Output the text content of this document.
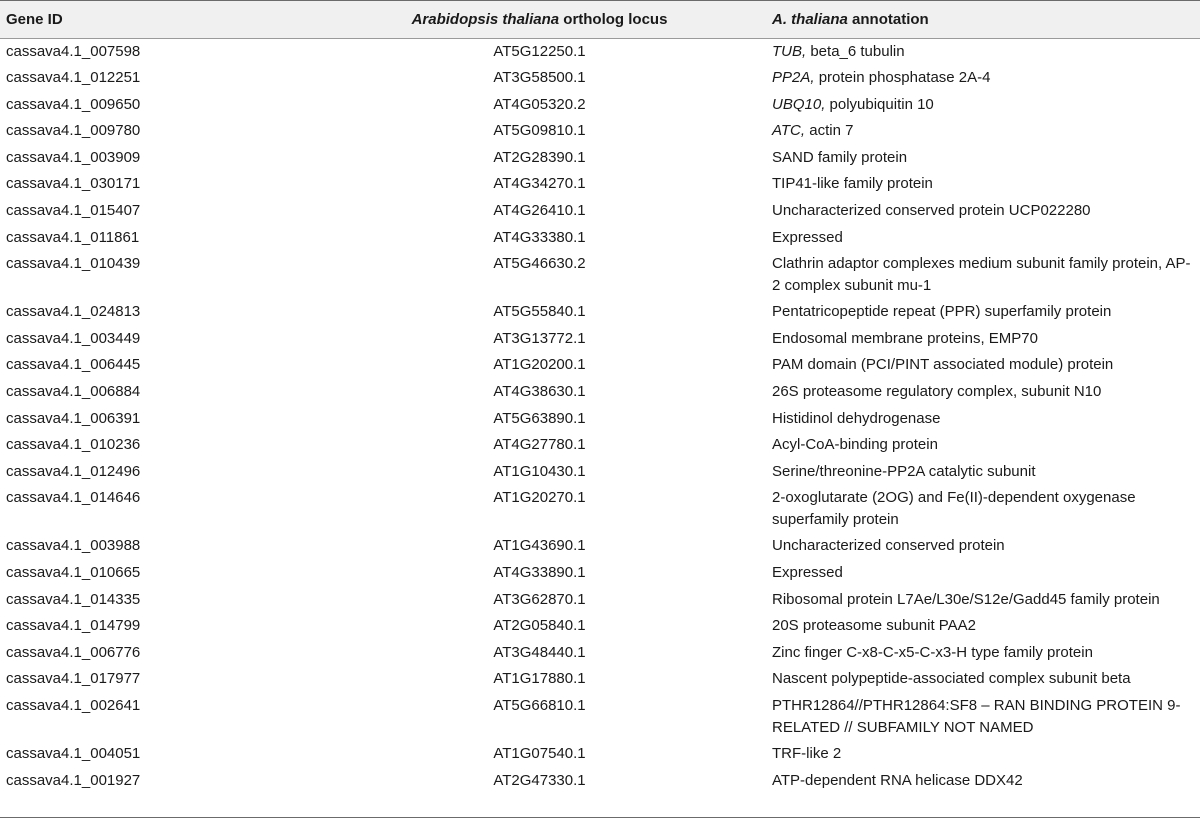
Gene ID	Arabidopsis thaliana ortholog locus	A. thaliana annotation
cassava4.1_007598	AT5G12250.1	TUB, beta_6 tubulin
cassava4.1_012251	AT3G58500.1	PP2A, protein phosphatase 2A-4
cassava4.1_009650	AT4G05320.2	UBQ10, polyubiquitin 10
cassava4.1_009780	AT5G09810.1	ATC, actin 7
cassava4.1_003909	AT2G28390.1	SAND family protein
cassava4.1_030171	AT4G34270.1	TIP41-like family protein
cassava4.1_015407	AT4G26410.1	Uncharacterized conserved protein UCP022280
cassava4.1_011861	AT4G33380.1	Expressed
cassava4.1_010439	AT5G46630.2	Clathrin adaptor complexes medium subunit family protein, AP-2 complex subunit mu-1
cassava4.1_024813	AT5G55840.1	Pentatricopeptide repeat (PPR) superfamily protein
cassava4.1_003449	AT3G13772.1	Endosomal membrane proteins, EMP70
cassava4.1_006445	AT1G20200.1	PAM domain (PCI/PINT associated module) protein
cassava4.1_006884	AT4G38630.1	26S proteasome regulatory complex, subunit N10
cassava4.1_006391	AT5G63890.1	Histidinol dehydrogenase
cassava4.1_010236	AT4G27780.1	Acyl-CoA-binding protein
cassava4.1_012496	AT1G10430.1	Serine/threonine-PP2A catalytic subunit
cassava4.1_014646	AT1G20270.1	2-oxoglutarate (2OG) and Fe(II)-dependent oxygenase superfamily protein
cassava4.1_003988	AT1G43690.1	Uncharacterized conserved protein
cassava4.1_010665	AT4G33890.1	Expressed
cassava4.1_014335	AT3G62870.1	Ribosomal protein L7Ae/L30e/S12e/Gadd45 family protein
cassava4.1_014799	AT2G05840.1	20S proteasome subunit PAA2
cassava4.1_006776	AT3G48440.1	Zinc finger C-x8-C-x5-C-x3-H type family protein
cassava4.1_017977	AT1G17880.1	Nascent polypeptide-associated complex subunit beta
cassava4.1_002641	AT5G66810.1	PTHR12864//PTHR12864:SF8 – RAN BINDING PROTEIN 9-RELATED // SUBFAMILY NOT NAMED
cassava4.1_004051	AT1G07540.1	TRF-like 2
cassava4.1_001927	AT2G47330.1	ATP-dependent RNA helicase DDX42
